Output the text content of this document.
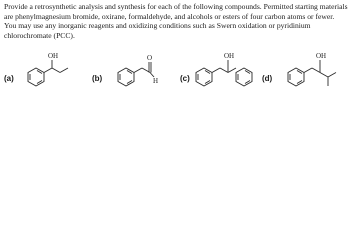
Provide a retrosynthetic analysis and synthesis for each of the following compounds. Permitted starting materials are phenylmagnesium bromide, oxirane, formaldehyde, and alcohols or esters of four carbon atoms or fewer. You may use any inorganic reagents and oxidizing conditions such as Swern oxidation or pyridinium chlorochromate (PCC).

(a)
OH
(b)
O
H	(c)
OH
(d)
OH
